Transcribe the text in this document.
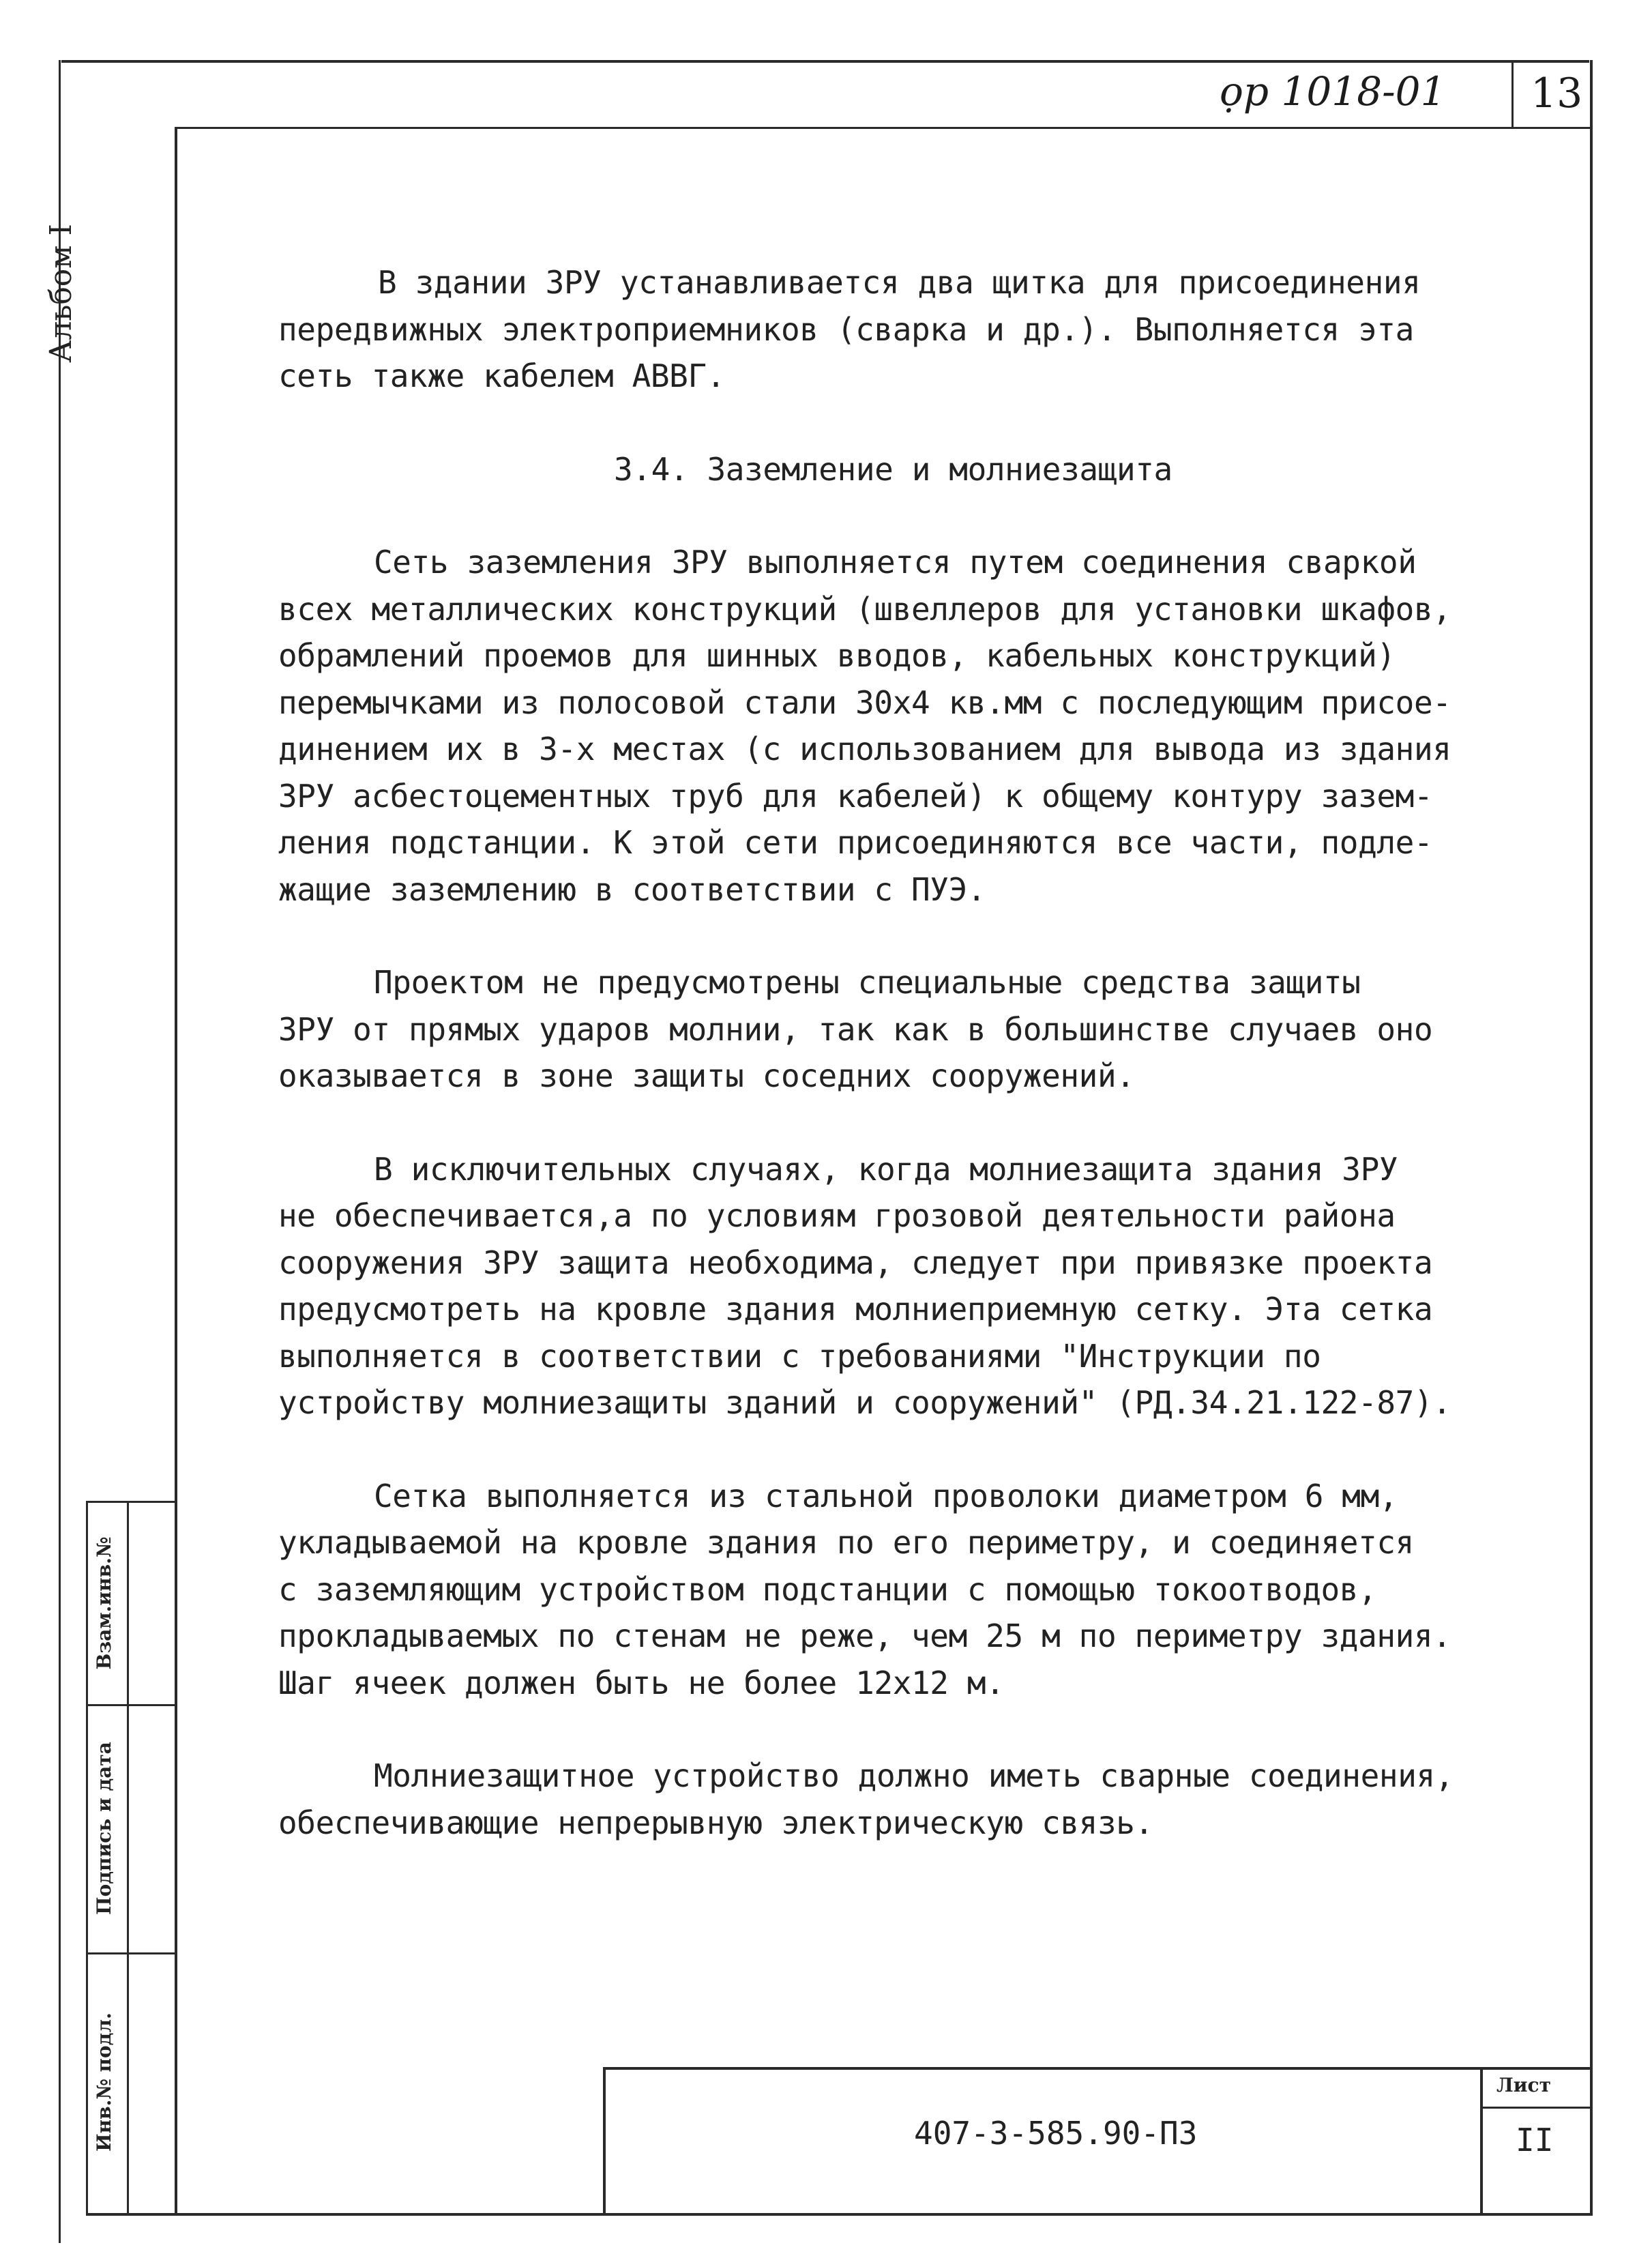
ọp 1018-01 13
Альбом I
Взам.инв.№
Подпись и дата
Инв.№ подл.
В здании ЗРУ устанавливается два щитка для присоединения
передвижных электроприемников (сварка и др.). Выполняется эта
сеть также кабелем АВВГ.
3.4. Заземление и молниезащита
Сеть заземления ЗРУ выполняется путем соединения сваркой
всех металлических конструкций (швеллеров для установки шкафов,
обрамлений проемов для шинных вводов, кабельных конструкций)
перемычками из полосовой стали 30х4 кв.мм с последующим присое-
динением их в 3-х местах (с использованием для вывода из здания
ЗРУ асбестоцементных труб для кабелей) к общему контуру зазем-
ления подстанции. К этой сети присоединяются все части, подле-
жащие заземлению в соответствии с ПУЭ.
Проектом не предусмотрены специальные средства защиты
ЗРУ от прямых ударов молнии, так как в большинстве случаев оно
оказывается в зоне защиты соседних сооружений.
В исключительных случаях, когда молниезащита здания ЗРУ
не обеспечивается,а по условиям грозовой деятельности района
сооружения ЗРУ защита необходима, следует при привязке проекта
предусмотреть на кровле здания молниеприемную сетку. Эта сетка
выполняется в соответствии с требованиями "Инструкции по
устройству молниезащиты зданий и сооружений" (РД.34.21.122-87).
Сетка выполняется из стальной проволоки диаметром 6 мм,
укладываемой на кровле здания по его периметру, и соединяется
с заземляющим устройством подстанции с помощью токоотводов,
прокладываемых по стенам не реже, чем 25 м по периметру здания.
Шаг ячеек должен быть не более 12х12 м.
Молниезащитное устройство должно иметь сварные соединения,
обеспечивающие непрерывную электрическую связь.
407-3-585.90-ПЗ
Лист
II
